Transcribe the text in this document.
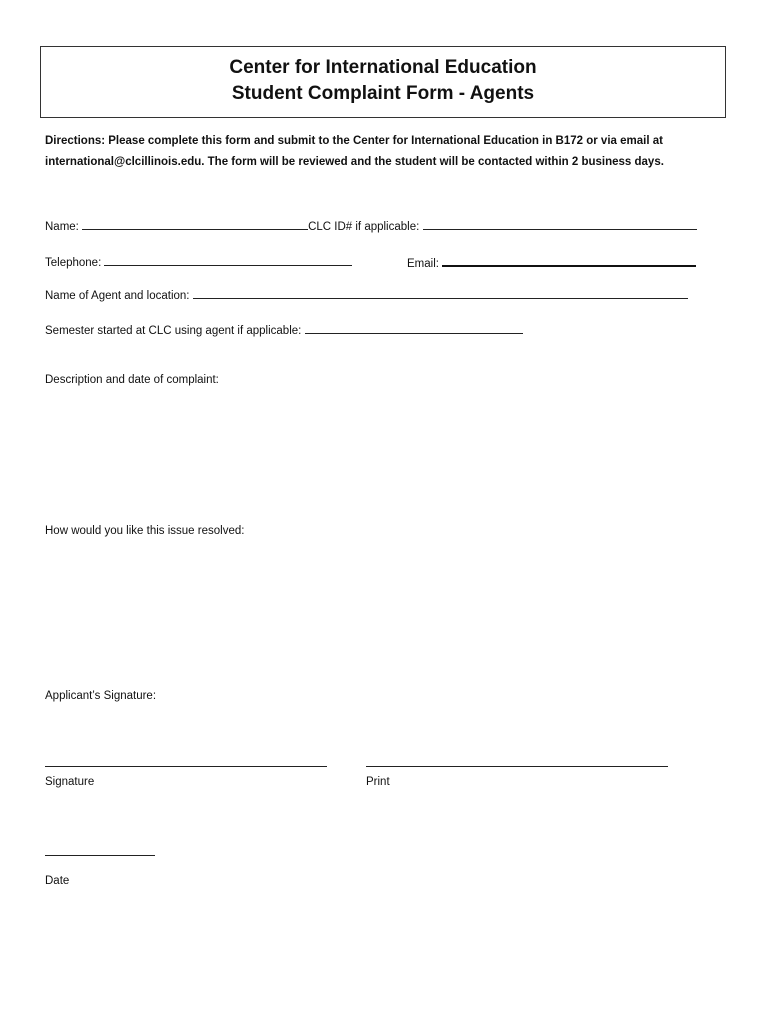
Center for International Education
Student Complaint Form - Agents
Directions: Please complete this form and submit to the Center for International Education in B172 or via email at
international@clcillinois.edu. The form will be reviewed and the student will be contacted within 2 business days.
Name:	CLC ID# if applicable:
Telephone:	Email:
Name of Agent and location:
Semester started at CLC using agent if applicable:
Description and date of complaint:
How would you like this issue resolved:
Applicant’s Signature:
Signature	Print
Date
